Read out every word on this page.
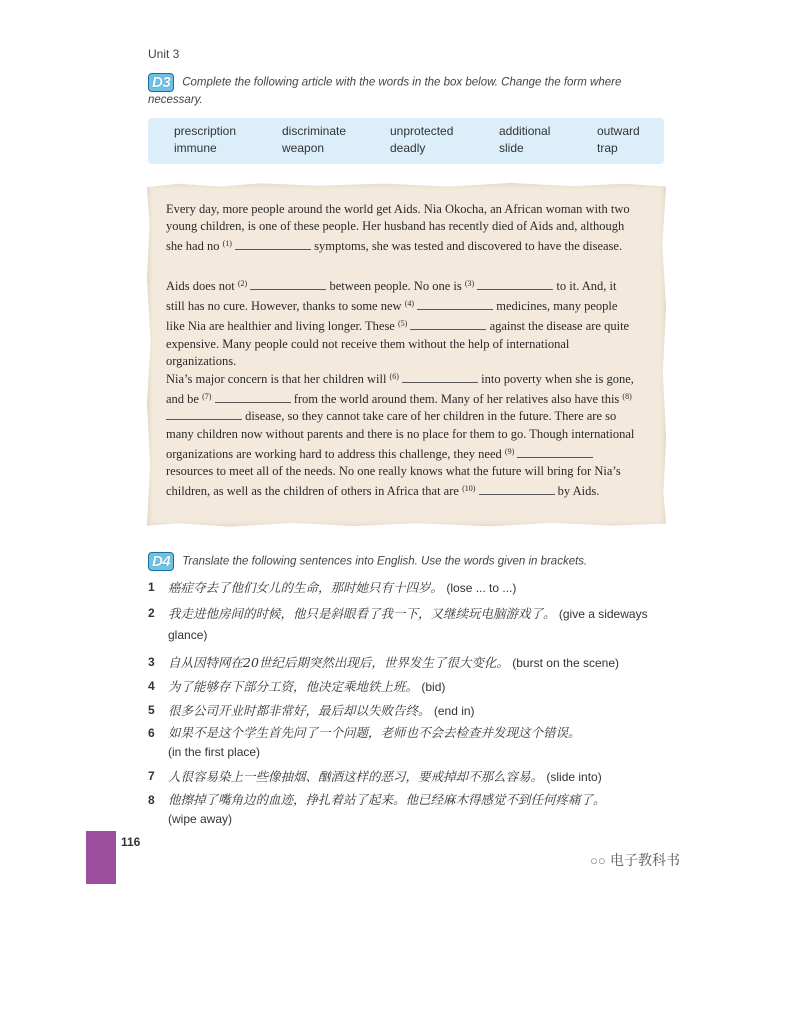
Unit 3
D3 Complete the following article with the words in the box below. Change the form where necessary.
prescription	discriminate	unprotected	additional	outward
immune	weapon	deadly	slide	trap

Every day, more people around the world get Aids. Nia Okocha, an African woman with two young children, is one of these people. Her husband has recently died of Aids and, although she had no $^{(1)}$	symptoms, she was tested and discovered to have the disease.

Aids does not $^{(2)}$	between people. No one is $^{(3)}$	to it. And, it still has no cure. However, thanks to some new $^{(4)}$	medicines, many people like Nia are healthier and living longer. These $^{(5)}$	against the disease are quite expensive. Many people could not receive them without the help of international organizations.

Nia’s major concern is that her children will $^{(6)}$	into poverty when she is gone, and be $^{(7)}$	from the world around them. Many of her relatives also have this $^{(8)}$  disease, so they cannot take care of her children in the future. There are so many children now without parents and there is no place for them to go. Though international organizations are working hard to address this challenge, they need $^{(9)}$  resources to meet all of the needs. No one really knows what the future will bring for Nia’s children, as well as the children of others in Africa that are $^{(10)}$	by Aids.

D4 Translate the following sentences into English. Use the words given in brackets.
1 癌症夺去了他们女儿的生命，那时她只有十四岁。 (lose ... to ...)
2 我走进他房间的时候，他只是斜眼看了我一下，又继续玩电脑游戏了。 (give a sideways glance)
3 自从因特网在20世纪后期突然出现后，世界发生了很大变化。 (burst on the scene)
4 为了能够存下部分工资，他决定乘地铁上班。 (bid)
5 很多公司开业时都非常好，最后却以失败告终。 (end in)
6 如果不是这个学生首先问了一个问题，老师也不会去检查并发现这个错误。
(in the first place)
7 人很容易染上一些像抽烟、酗酒这样的恶习，要戒掉却不那么容易。 (slide into)
8 他擦掉了嘴角边的血迹，挣扎着站了起来。他已经麻木得感觉不到任何疼痛了。
(wipe away)
116
○○ 电子教科书
